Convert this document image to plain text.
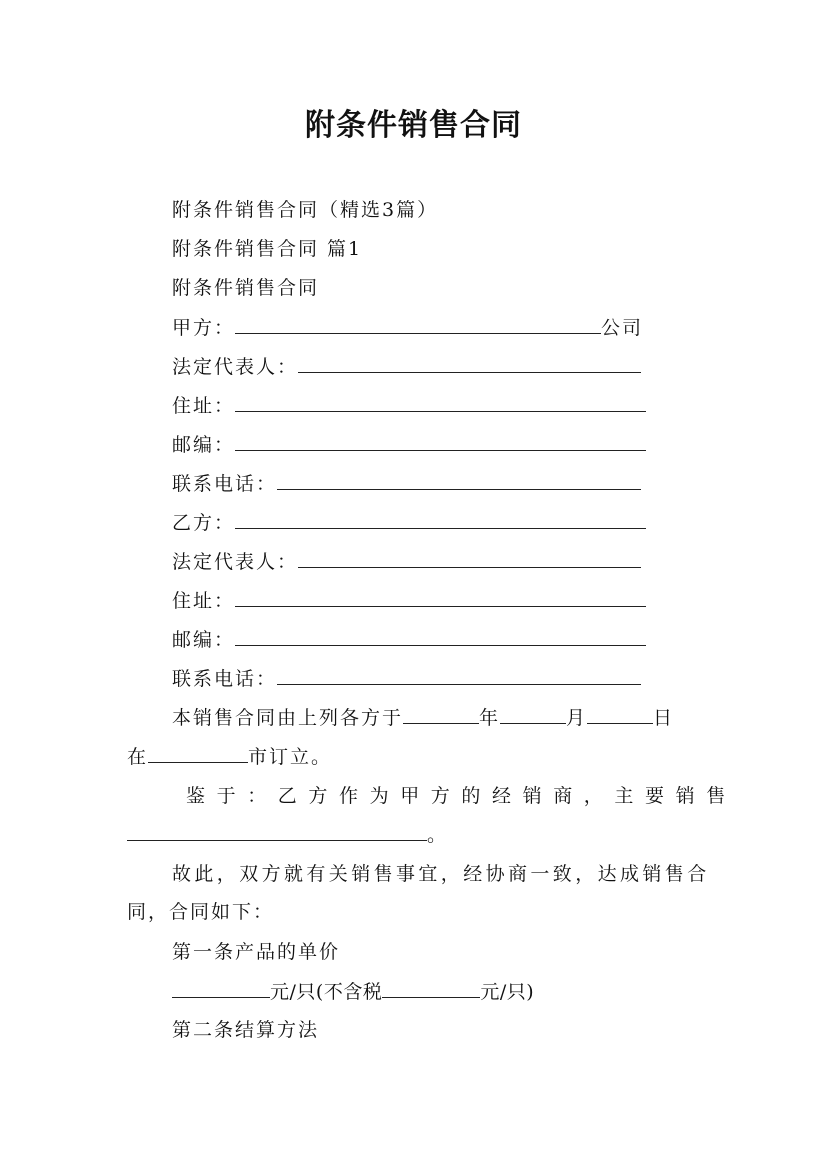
附条件销售合同
附条件销售合同（精选3篇）
附条件销售合同 篇1
附条件销售合同
甲方：	公司
法定代表人：
住址：
邮编：
联系电话：
乙方：
法定代表人：
住址：
邮编：
联系电话：
本销售合同由上列各方于	年	月	日
在	市订立。
鉴于：乙方作为甲方的经销商，主要销售
。
故此，双方就有关销售事宜，经协商一致，达成销售合
同，合同如下：
第一条产品的单价
元/只(不含税	元/只)
第二条结算方法
